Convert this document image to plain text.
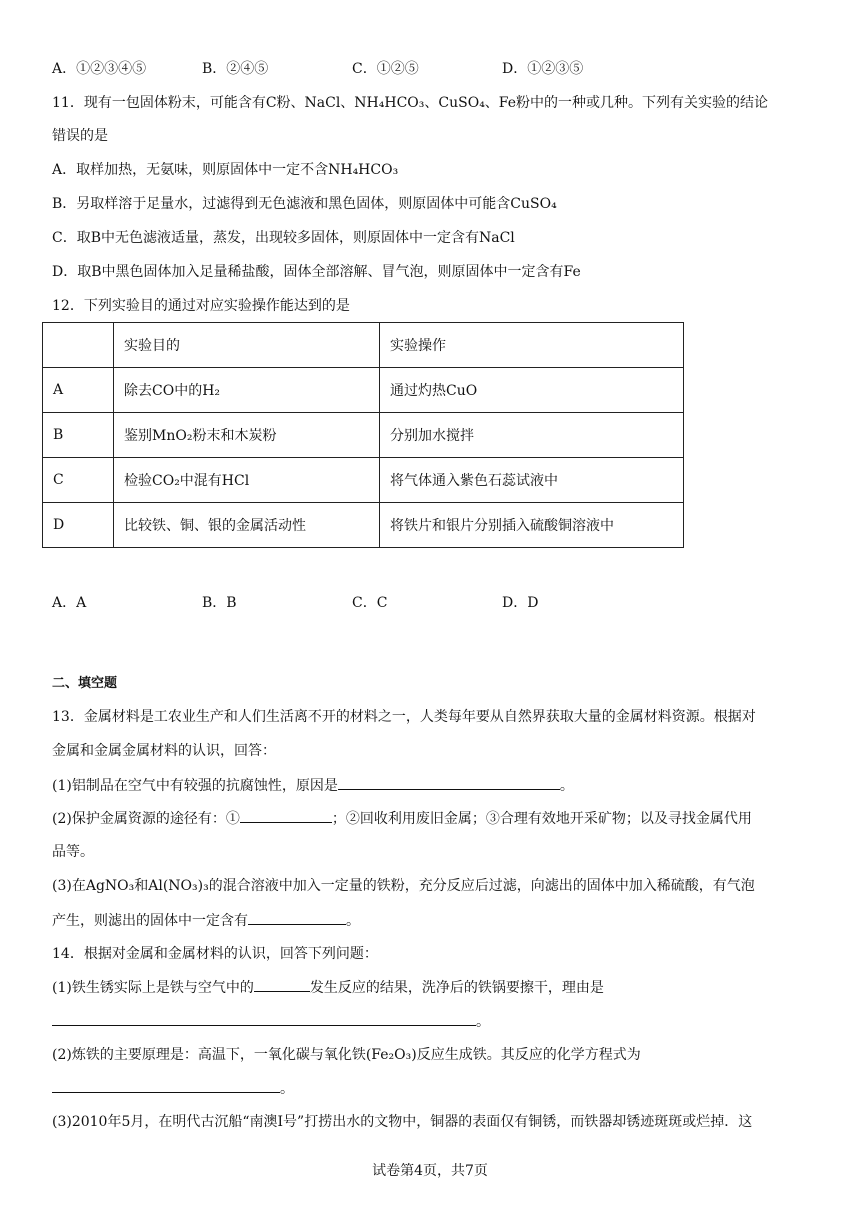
A．①②③④⑤	B．②④⑤	C．①②⑤	D．①②③⑤
11．现有一包固体粉末，可能含有C粉、NaCl、NH₄HCO₃、CuSO₄、Fe粉中的一种或几种。下列有关实验的结论
错误的是
A．取样加热，无氨味，则原固体中一定不含NH₄HCO₃
B．另取样溶于足量水，过滤得到无色滤液和黑色固体，则原固体中可能含CuSO₄
C．取B中无色滤液适量，蒸发，出现较多固体，则原固体中一定含有NaCl
D．取B中黑色固体加入足量稀盐酸，固体全部溶解、冒气泡，则原固体中一定含有Fe
12．下列实验目的通过对应实验操作能达到的是
	实验目的	实验操作
A	除去CO中的H₂	通过灼热CuO
B	鉴别MnO₂粉末和木炭粉	分别加水搅拌
C	检验CO₂中混有HCl	将气体通入紫色石蕊试液中
D	比较铁、铜、银的金属活动性	将铁片和银片分别插入硫酸铜溶液中
A．A	B．B	C．C	D．D
二、填空题
13．金属材料是工农业生产和人们生活离不开的材料之一，人类每年要从自然界获取大量的金属材料资源。根据对
金属和金属金属材料的认识，回答：
(1)铝制品在空气中有较强的抗腐蚀性，原因是	。
(2)保护金属资源的途径有：①	；②回收利用废旧金属；③合理有效地开采矿物；以及寻找金属代用
品等。
(3)在AgNO₃和Al(NO₃)₃的混合溶液中加入一定量的铁粉，充分反应后过滤，向滤出的固体中加入稀硫酸，有气泡
产生，则滤出的固体中一定含有	。
14．根据对金属和金属材料的认识，回答下列问题：
(1)铁生锈实际上是铁与空气中的	发生反应的结果，洗净后的铁锅要擦干，理由是
。
(2)炼铁的主要原理是：高温下，一氧化碳与氧化铁(Fe₂O₃)反应生成铁。其反应的化学方程式为
。
(3)2010年5月，在明代古沉船“南澳I号”打捞出水的文物中，铜器的表面仅有铜锈，而铁器却锈迹斑斑或烂掉．这
试卷第4页，共7页
